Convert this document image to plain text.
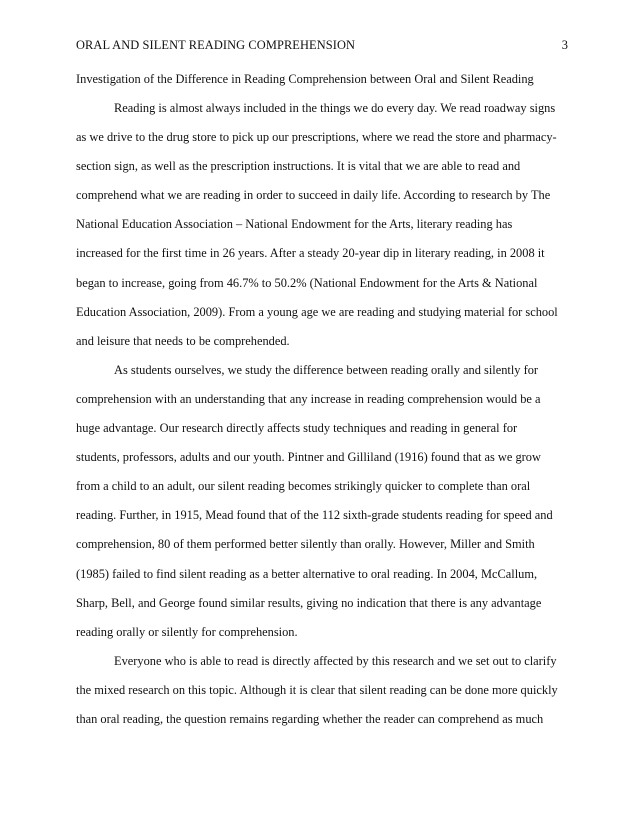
ORAL AND SILENT READING COMPREHENSION	3
Investigation of the Difference in Reading Comprehension between Oral and Silent Reading
Reading is almost always included in the things we do every day. We read roadway signs
as we drive to the drug store to pick up our prescriptions, where we read the store and pharmacy-
section sign, as well as the prescription instructions. It is vital that we are able to read and
comprehend what we are reading in order to succeed in daily life. According to research by The
National Education Association – National Endowment for the Arts, literary reading has
increased for the first time in 26 years. After a steady 20-year dip in literary reading, in 2008 it
began to increase, going from 46.7% to 50.2% (National Endowment for the Arts & National
Education Association, 2009). From a young age we are reading and studying material for school
and leisure that needs to be comprehended.
As students ourselves, we study the difference between reading orally and silently for
comprehension with an understanding that any increase in reading comprehension would be a
huge advantage. Our research directly affects study techniques and reading in general for
students, professors, adults and our youth. Pintner and Gilliland (1916) found that as we grow
from a child to an adult, our silent reading becomes strikingly quicker to complete than oral
reading. Further, in 1915, Mead found that of the 112 sixth-grade students reading for speed and
comprehension, 80 of them performed better silently than orally. However, Miller and Smith
(1985) failed to find silent reading as a better alternative to oral reading. In 2004, McCallum,
Sharp, Bell, and George found similar results, giving no indication that there is any advantage
reading orally or silently for comprehension.
Everyone who is able to read is directly affected by this research and we set out to clarify
the mixed research on this topic. Although it is clear that silent reading can be done more quickly
than oral reading, the question remains regarding whether the reader can comprehend as much
